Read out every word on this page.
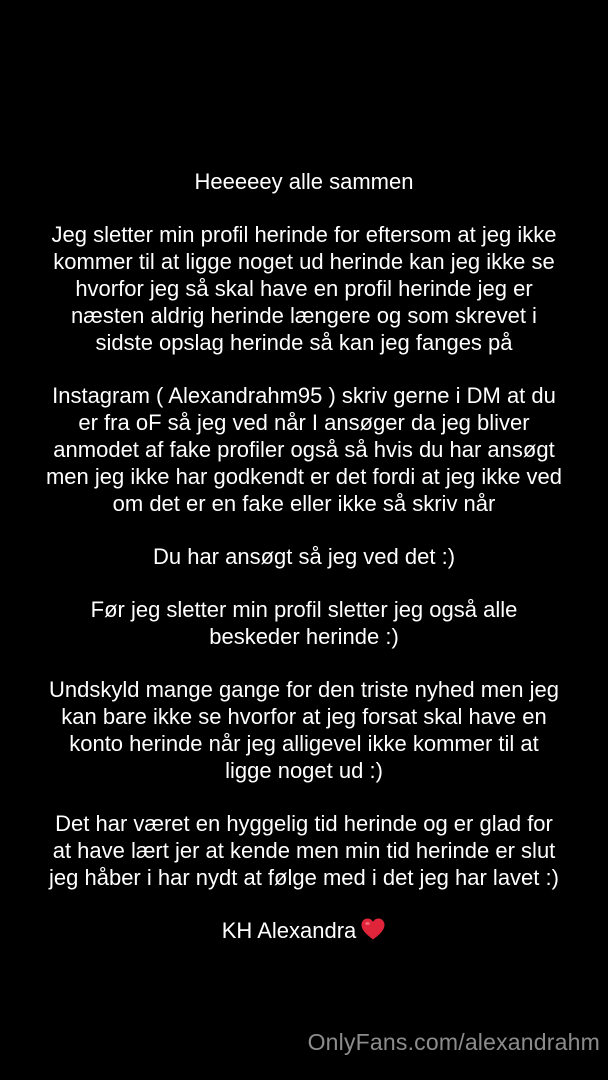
Heeeeey alle sammen

Jeg sletter min profil herinde for eftersom at jeg ikke
kommer til at ligge noget ud herinde kan jeg ikke se
hvorfor jeg så skal have en profil herinde jeg er
næsten aldrig herinde længere og som skrevet i
sidste opslag herinde så kan jeg fanges på

Instagram ( Alexandrahm95 ) skriv gerne i DM at du
er fra oF så jeg ved når I ansøger da jeg bliver
anmodet af fake profiler også så hvis du har ansøgt
men jeg ikke har godkendt er det fordi at jeg ikke ved
om det er en fake eller ikke så skriv når

Du har ansøgt så jeg ved det :)

Før jeg sletter min profil sletter jeg også alle
beskeder herinde :)

Undskyld mange gange for den triste nyhed men jeg
kan bare ikke se hvorfor at jeg forsat skal have en
konto herinde når jeg alligevel ikke kommer til at
ligge noget ud :)

Det har været en hyggelig tid herinde og er glad for
at have lært jer at kende men min tid herinde er slut
jeg håber i har nydt at følge med i det jeg har lavet :)

KH Alexandra

OnlyFans.com/alexandrahm
